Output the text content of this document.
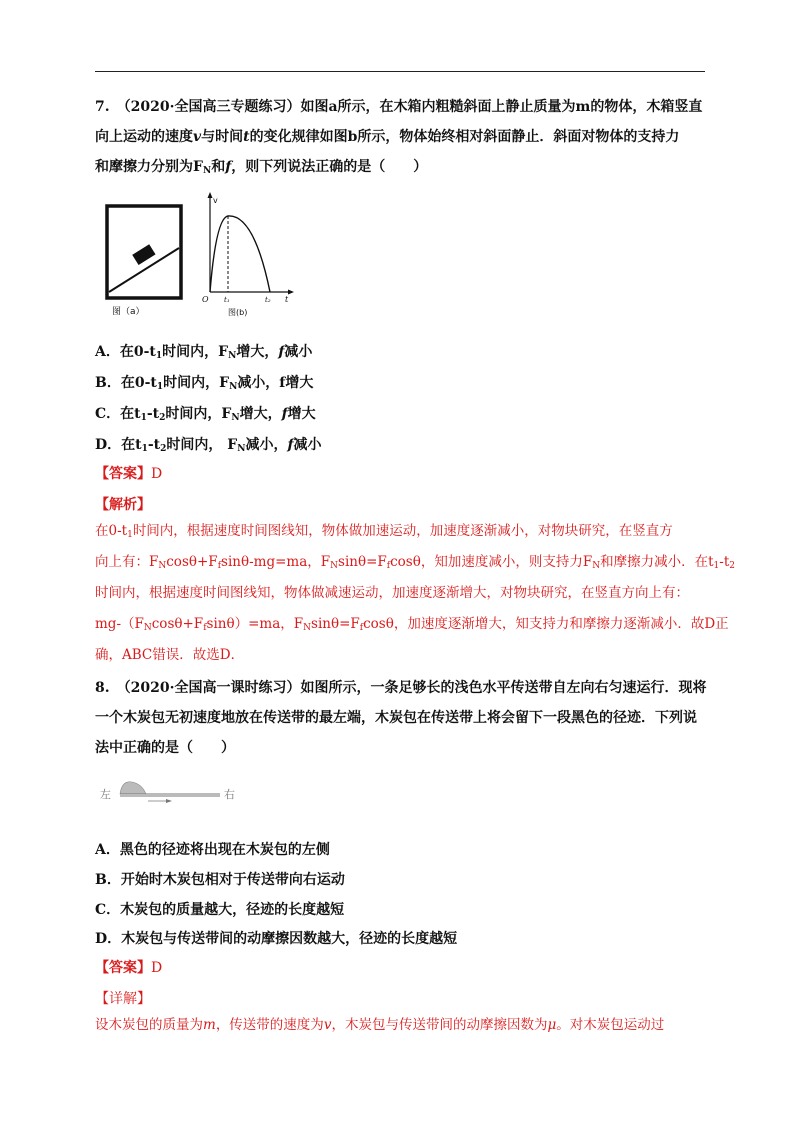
7.　 （2020·全国高三专题练习）如图a所示，在木箱内粗糙斜面上静止质量为m的物体，木箱竖直
向上运动的速度v与时间t的变化规律如图b所示，物体始终相对斜面静止．斜面对物体的支持力
和摩擦力分别为$F_N$和f，则下列说法正确的是（　　）
图（a）
v
t
O t₁	t₂
图(b)
A．在$0-t_1$时间内，$F_N$增大，f减小
B．在$0-t_1$时间内，$F_N$减小，f增大
C．在$t_1-t_2$时间内，$F_N$增大，f增大
D．在$t_1-t_2$时间内， $F_N$减小，f减小
【答案】D
【解析】
在$0-t_1$时间内，根据速度时间图线知，物体做加速运动，加速度逐渐减小，对物块研究，在竖直方
向上有：$F_N\cos\theta+F_f\sin\theta-mg=ma$，$F_N\sin\theta=F_f\cos\theta$，知加速度减小，则支持力$F_N$和摩擦力减小．在$t_1-t_2$
时间内，根据速度时间图线知，物体做减速运动，加速度逐渐增大，对物块研究，在竖直方向上有：
$mg-(F_N\cos\theta+F_f\sin\theta)=ma$，$F_N\sin\theta=F_f\cos\theta$，加速度逐渐增大，知支持力和摩擦力逐渐减小．故D正
确，ABC错误．故选D．
8.　 （2020·全国高一课时练习）如图所示，一条足够长的浅色水平传送带自左向右匀速运行．现将
一个木炭包无初速度地放在传送带的最左端，木炭包在传送带上将会留下一段黑色的径迹．下列说
法中正确的是（　　）
左	右
A．黑色的径迹将出现在木炭包的左侧
B．开始时木炭包相对于传送带向右运动
C．木炭包的质量越大，径迹的长度越短
D．木炭包与传送带间的动摩擦因数越大，径迹的长度越短
【答案】D
【详解】
设木炭包的质量为m，传送带的速度为v，木炭包与传送带间的动摩擦因数为μ。对木炭包运动过
